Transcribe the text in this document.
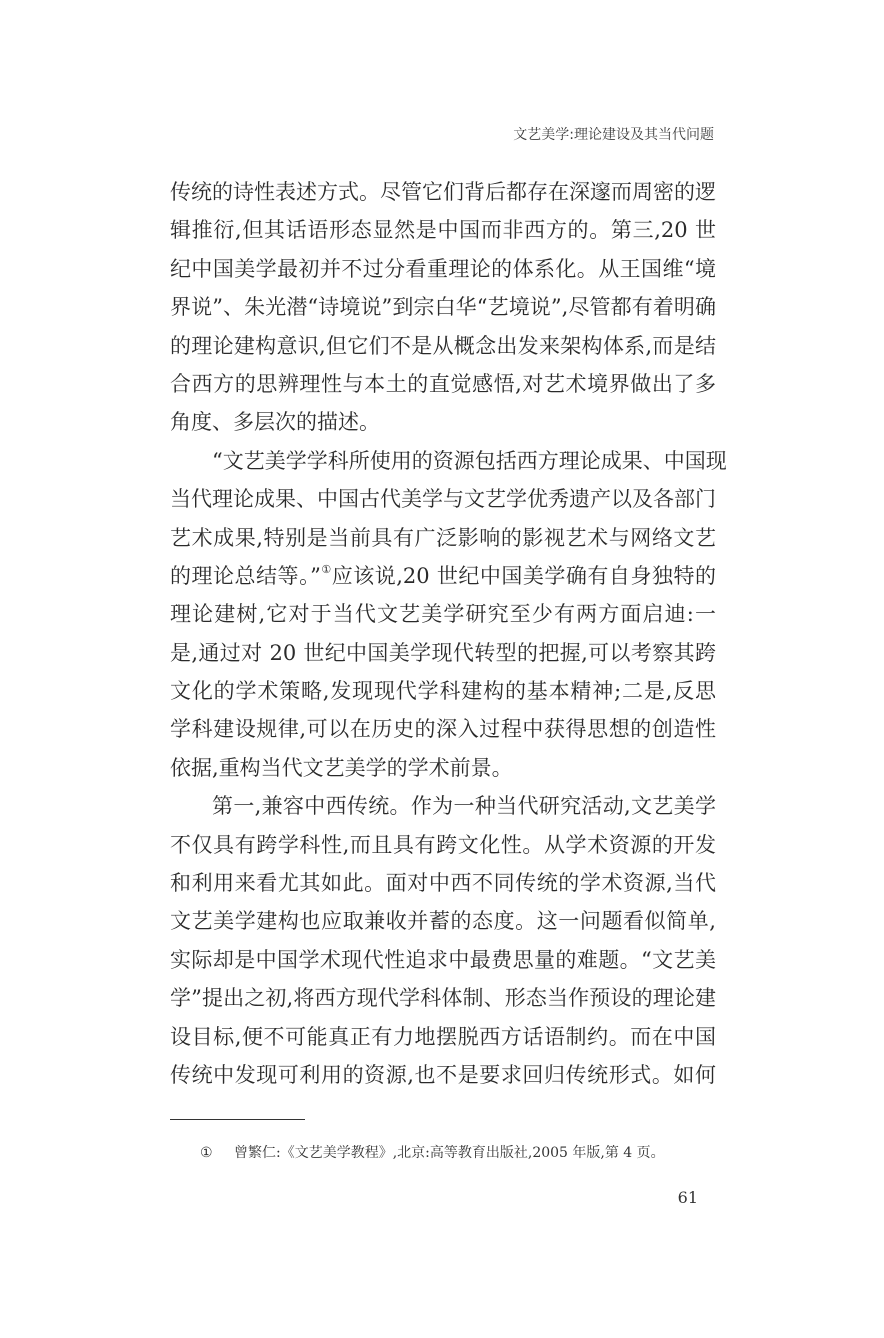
文艺美学:理论建设及其当代问题
传统的诗性表述方式。尽管它们背后都存在深邃而周密的逻
辑推衍,但其话语形态显然是中国而非西方的。第三,20 世
纪中国美学最初并不过分看重理论的体系化。从王国维“境
界说”、朱光潜“诗境说”到宗白华“艺境说”,尽管都有着明确
的理论建构意识,但它们不是从概念出发来架构体系,而是结
合西方的思辨理性与本土的直觉感悟,对艺术境界做出了多
角度、多层次的描述。
“文艺美学学科所使用的资源包括西方理论成果、中国现
当代理论成果、中国古代美学与文艺学优秀遗产以及各部门
艺术成果,特别是当前具有广泛影响的影视艺术与网络文艺
的理论总结等。”①应该说,20 世纪中国美学确有自身独特的
理论建树,它对于当代文艺美学研究至少有两方面启迪:一
是,通过对 20 世纪中国美学现代转型的把握,可以考察其跨
文化的学术策略,发现现代学科建构的基本精神;二是,反思
学科建设规律,可以在历史的深入过程中获得思想的创造性
依据,重构当代文艺美学的学术前景。
第一,兼容中西传统。作为一种当代研究活动,文艺美学
不仅具有跨学科性,而且具有跨文化性。从学术资源的开发
和利用来看尤其如此。面对中西不同传统的学术资源,当代
文艺美学建构也应取兼收并蓄的态度。这一问题看似简单,
实际却是中国学术现代性追求中最费思量的难题。“文艺美
学”提出之初,将西方现代学科体制、形态当作预设的理论建
设目标,便不可能真正有力地摆脱西方话语制约。而在中国
传统中发现可利用的资源,也不是要求回归传统形式。如何
① 曾繁仁:《文艺美学教程》,北京:高等教育出版社,2005 年版,第 4 页。
61
